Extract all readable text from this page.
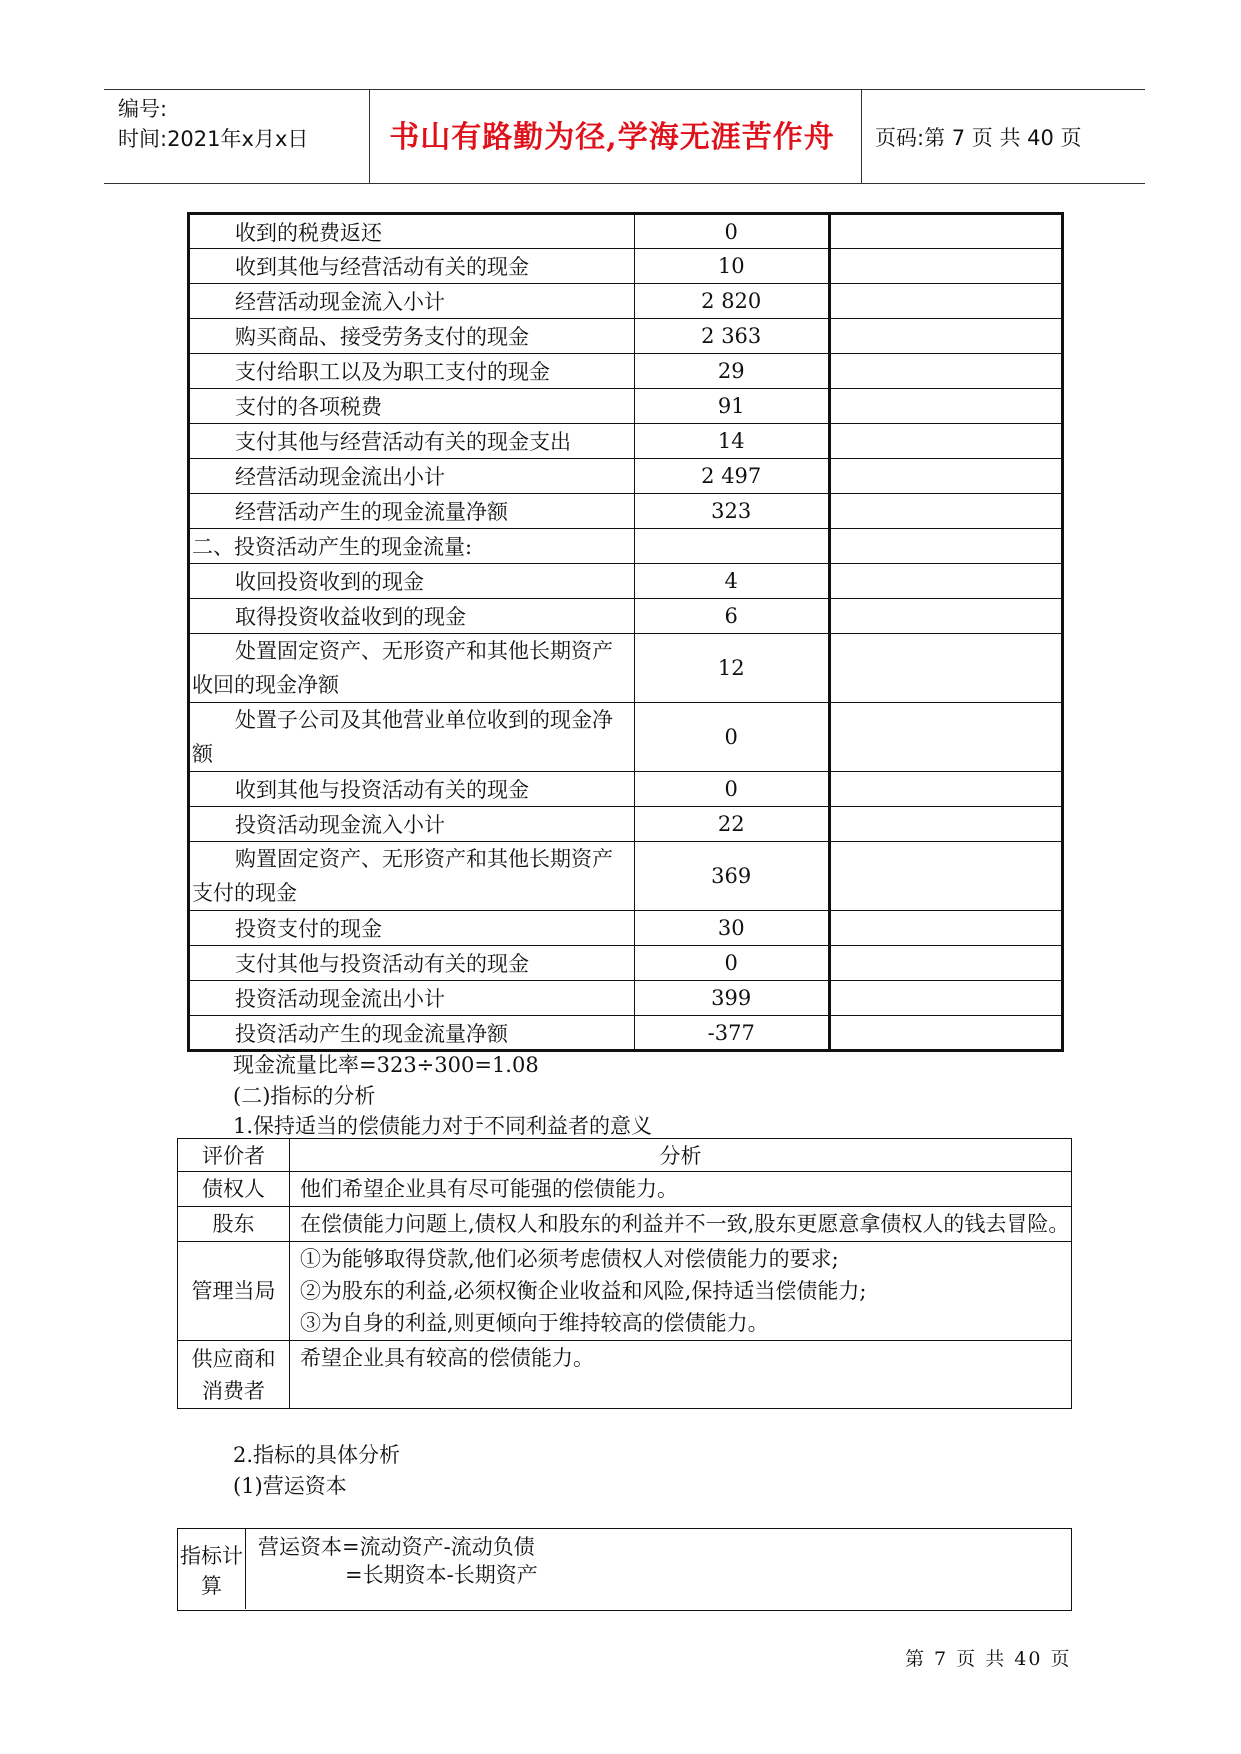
编号:
时间:2021年x月x日	书山有路勤为径,学海无涯苦作舟	页码:第 7 页 共 40 页
收到的税费返还	0	
收到其他与经营活动有关的现金	10	
经营活动现金流入小计	2 820	
购买商品、接受劳务支付的现金	2 363	
支付给职工以及为职工支付的现金	29	
支付的各项税费	91	
支付其他与经营活动有关的现金支出	14	
经营活动现金流出小计	2 497	
经营活动产生的现金流量净额	323	
二、投资活动产生的现金流量:		
收回投资收到的现金	4	
取得投资收益收到的现金	6	
处置固定资产、无形资产和其他长期资产收回的现金净额	12	
处置子公司及其他营业单位收到的现金净额	0	
收到其他与投资活动有关的现金	0	
投资活动现金流入小计	22	
购置固定资产、无形资产和其他长期资产支付的现金	369	
投资支付的现金	30	
支付其他与投资活动有关的现金	0	
投资活动现金流出小计	399	
投资活动产生的现金流量净额	-377	
现金流量比率=323÷300=1.08
(二)指标的分析
1.保持适当的偿债能力对于不同利益者的意义
评价者	分析
债权人	他们希望企业具有尽可能强的偿债能力。

股东	在偿债能力问题上,债权人和股东的利益并不一致,股东更愿意拿债权人的钱去冒险。

管理当局	①为能够取得贷款,他们必须考虑债权人对偿债能力的要求;
②为股东的利益,必须权衡企业收益和风险,保持适当偿债能力;
③为自身的利益,则更倾向于维持较高的偿债能力。

供应商和消费者	希望企业具有较高的偿债能力。
2.指标的具体分析
(1)营运资本
指标计算
营运资本=流动资产-流动负债
=长期资本-长期资产
第 7 页 共 40 页
